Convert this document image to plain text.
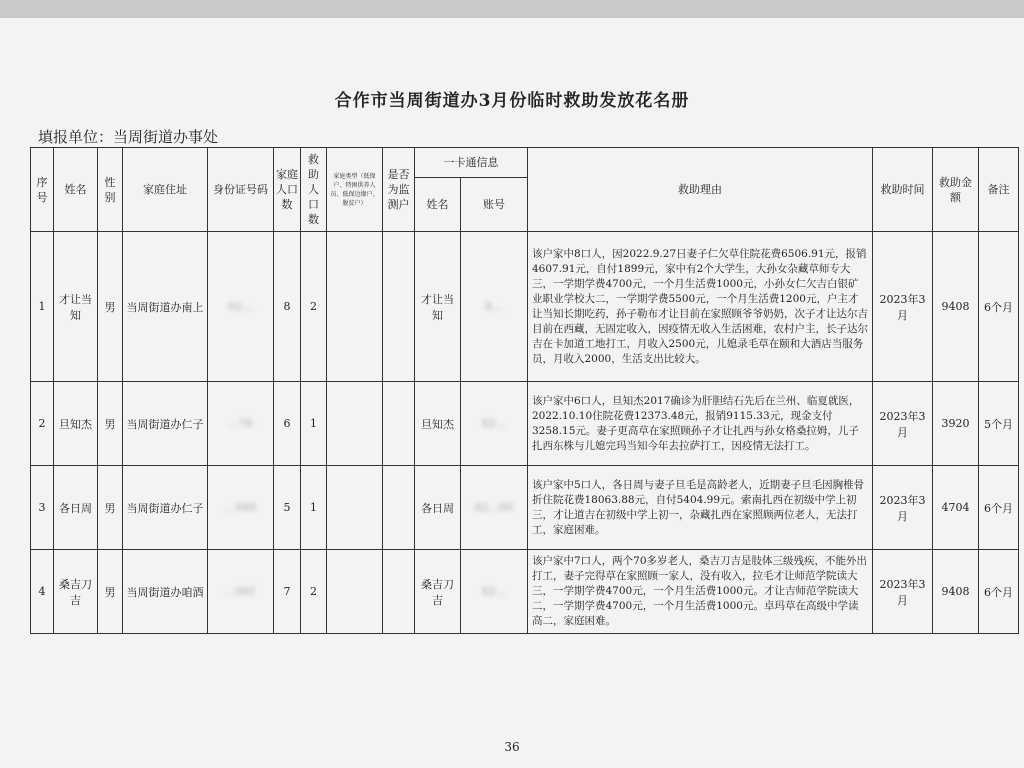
合作市当周街道办3月份临时救助发放花名册
填报单位：当周街道办事处
序号	姓名	性别	家庭住址	身份证号码	家庭人口数	救助人口数	家庭类型（低保户、特困供养人员、低保边缘户、脱贫户）	是否为监测户	一卡通信息		救助理由	救助时间	救助金额	备注
									姓名	账号				
1	才让当知	男	当周街道办南上	62...	8	2			才让当知	8...	该户家中8口人，因2022.9.27日妻子仁欠草住院花费6506.91元，报销4607.91元，自付1899元，家中有2个大学生，大孙女杂藏草师专大三，一学期学费4700元，一个月生活费1000元，小孙女仁欠吉白银矿业职业学校大二，一学期学费5500元，一个月生活费1200元，户主才让当知长期吃药，孙子勒布才让目前在家照顾爷爷奶奶，次子才让达尔吉目前在西藏，无固定收入，因疫情无收入生活困难，农村户主，长子达尔吉在卡加道工地打工，月收入2500元，儿媳录毛草在颐和大酒店当服务员，月收入2000，生活支出比较大。	2023年3月	9408	6个月
2	旦知杰	男	当周街道办仁子	...76	6	1			旦知杰	82...	该户家中6口人，旦知杰2017确诊为肝胆结石先后在兰州、临夏就医，2022.10.10住院花费12373.48元，报销9115.33元，现金支付3258.15元。妻子更高草在家照顾孙子才让扎西与孙女格桑拉姆，儿子扎西东株与儿媳完玛当知今年去拉萨打工，因疫情无法打工。	2023年3月	3920	5个月
3	各日周	男	当周街道办仁子	...948	5	1			各日周	82...00	该户家中5口人，各日周与妻子旦毛是高龄老人，近期妻子旦毛因胸椎骨折住院花费18063.88元，自付5404.99元。索南扎西在初级中学上初三，才让道吉在初级中学上初一，杂藏扎西在家照顾两位老人，无法打工，家庭困难。	2023年3月	4704	6个月
4	桑吉刀吉	男	当周街道办咱酒	...981	7	2			桑吉刀吉	82...	该户家中7口人，两个70多岁老人，桑吉刀吉是肢体三级残疾，不能外出打工，妻子完得草在家照顾一家人，没有收入，拉毛才让师范学院读大三，一学期学费4700元，一个月生活费1000元。才让吉师范学院读大二，一学期学费4700元，一个月生活费1000元。卓玛草在高级中学读高二，家庭困难。	2023年3月	9408	6个月
36
